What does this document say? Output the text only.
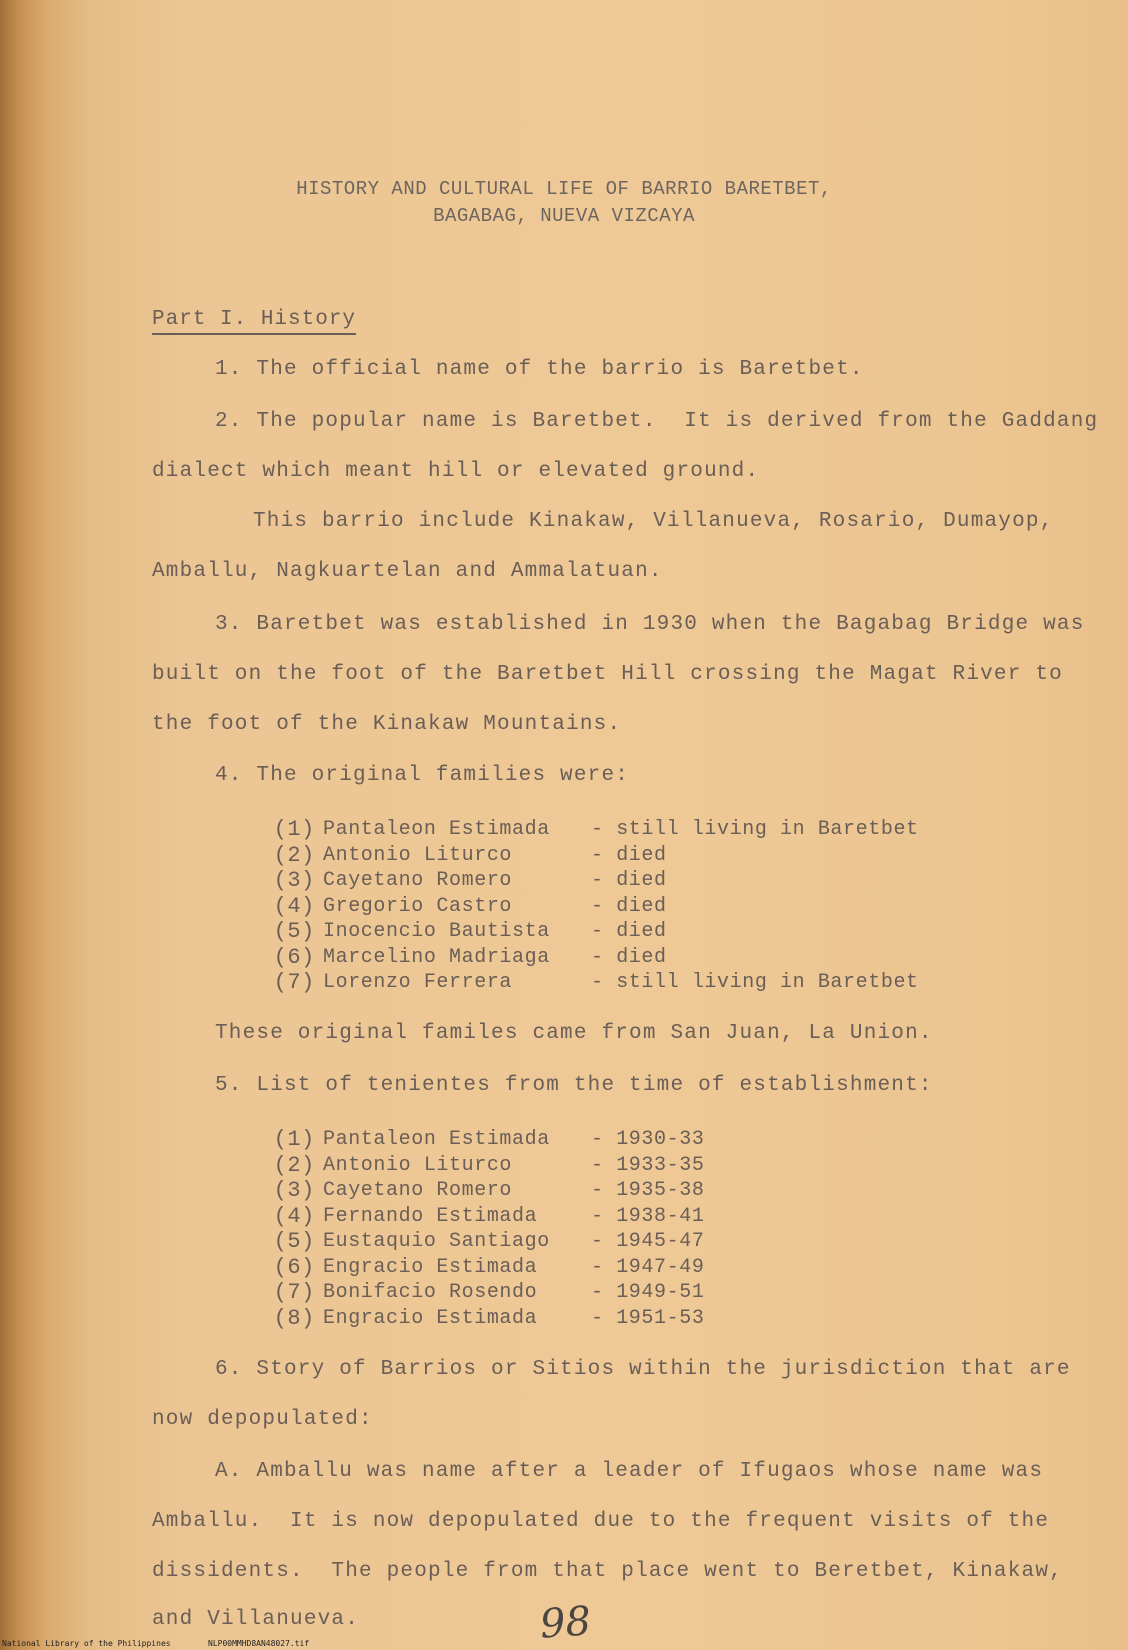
HISTORY AND CULTURAL LIFE OF BARRIO BARETBET,
BAGABAG, NUEVA VIZCAYA
Part I. History
1. The official name of the barrio is Baretbet.
2. The popular name is Baretbet.  It is derived from the Gaddang
dialect which meant hill or elevated ground.
This barrio include Kinakaw, Villanueva, Rosario, Dumayop,
Amballu, Nagkuartelan and Ammalatuan.
3. Baretbet was established in 1930 when the Bagabag Bridge was
built on the foot of the Baretbet Hill crossing the Magat River to
the foot of the Kinakaw Mountains.
4. The original families were:
(1)	Pantaleon Estimada	- still living in Baretbet
(2)	Antonio Liturco	- died
(3)	Cayetano Romero	- died
(4)	Gregorio Castro	- died
(5)	Inocencio Bautista	- died
(6)	Marcelino Madriaga	- died
(7)	Lorenzo Ferrera	- still living in Baretbet
These original familes came from San Juan, La Union.
5. List of tenientes from the time of establishment:
(1)	Pantaleon Estimada	- 1930-33
(2)	Antonio Liturco	- 1933-35
(3)	Cayetano Romero	- 1935-38
(4)	Fernando Estimada	- 1938-41
(5)	Eustaquio Santiago	- 1945-47
(6)	Engracio Estimada	- 1947-49
(7)	Bonifacio Rosendo	- 1949-51
(8)	Engracio Estimada	- 1951-53
6. Story of Barrios or Sitios within the jurisdiction that are
now depopulated:
A. Amballu was name after a leader of Ifugaos whose name was
Amballu.  It is now depopulated due to the frequent visits of the
dissidents.  The people from that place went to Beretbet, Kinakaw,
and Villanueva.	98
National Library of the Philippines	NLP00MMHD8AN48027.tif
